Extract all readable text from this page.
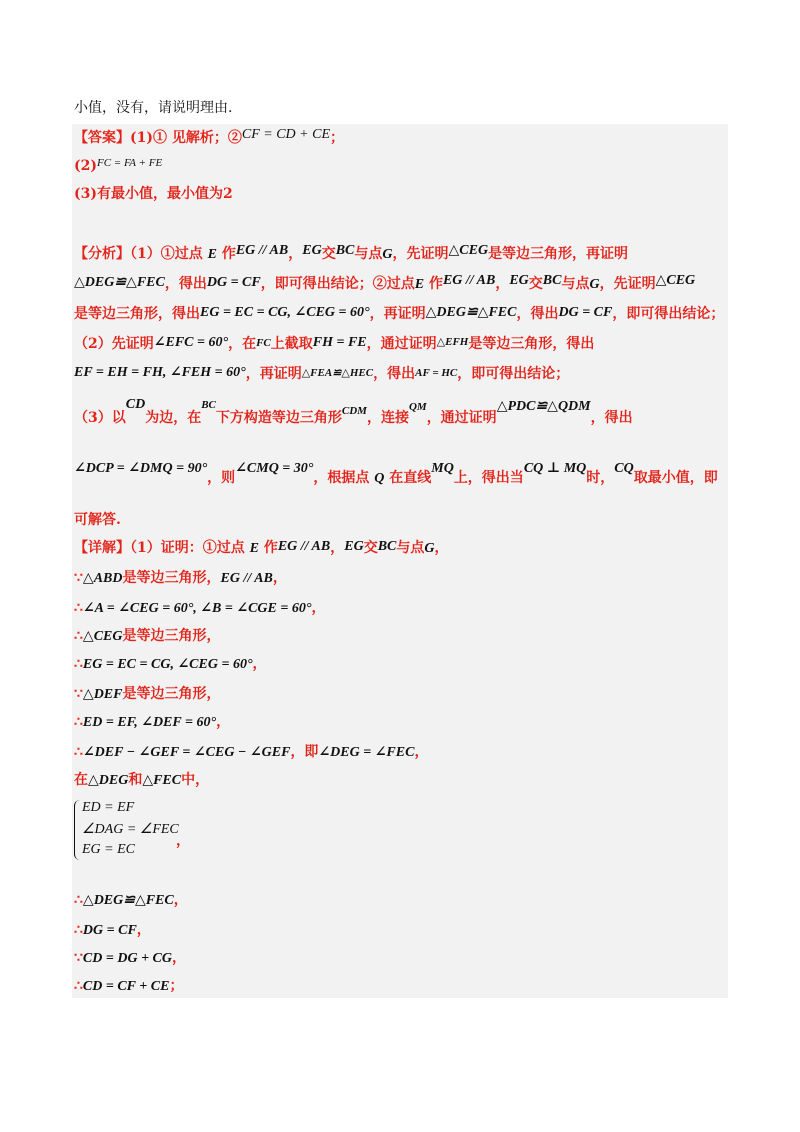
小值，没有，请说明理由.
【答案】(1)① 见解析；②CF = CD + CE；
$(2)^{FC = FA + FE}$
(3)有最小值，最小值为2
【分析】（1）①过点 E 作EG // AB，EG交BC与点G，先证明△CEG是等边三角形，再证明
△DEG≌△FEC，得出DG = CF，即可得出结论；②过点E 作EG // AB，EG交BC与点G，先证明△CEG
是等边三角形，得出EG = EC = CG, ∠CEG = 60°，再证明△DEG≌△FEC，得出DG = CF，即可得出结论；
（2）先证明∠EFC = 60°，在FC上截取FH = FE，通过证明$^{\triangle EFH}$是等边三角形，得出
EF = EH = FH, ∠FEH = 60°，再证明△FEA≌△HEC，得出AF = HC，即可得出结论；
（3）以CD为边，在$^{BC}$下方构造等边三角形$^{CDM}$，连接$^{QM}$，通过证明△PDC≌△QDM，得出
∠DCP = ∠DMQ = 90°，则∠CMQ = 30°，根据点 Q 在直线MQ上，得出当CQ ⊥ MQ时，CQ取最小值，即
可解答.
【详解】（1）证明：①过点 E 作EG // AB，EG交BC与点G，
∵△ABD是等边三角形，EG // AB，
∴∠A = ∠CEG = 60°, ∠B = ∠CGE = 60°，
∴△CEG是等边三角形，
∴EG = EC = CG, ∠CEG = 60°，
∵△DEF是等边三角形，
∴ED = EF, ∠DEF = 60°，
∴∠DEF − ∠GEF = ∠CEG − ∠GEF，即∠DEG = ∠FEC，
在△DEG和△FEC中，
ED = EF
∠DAG = ∠FEC
EG = EC
，
∴△DEG≌△FEC，
∴DG = CF，
∵CD = DG + CG，
∴CD = CF + CE；
